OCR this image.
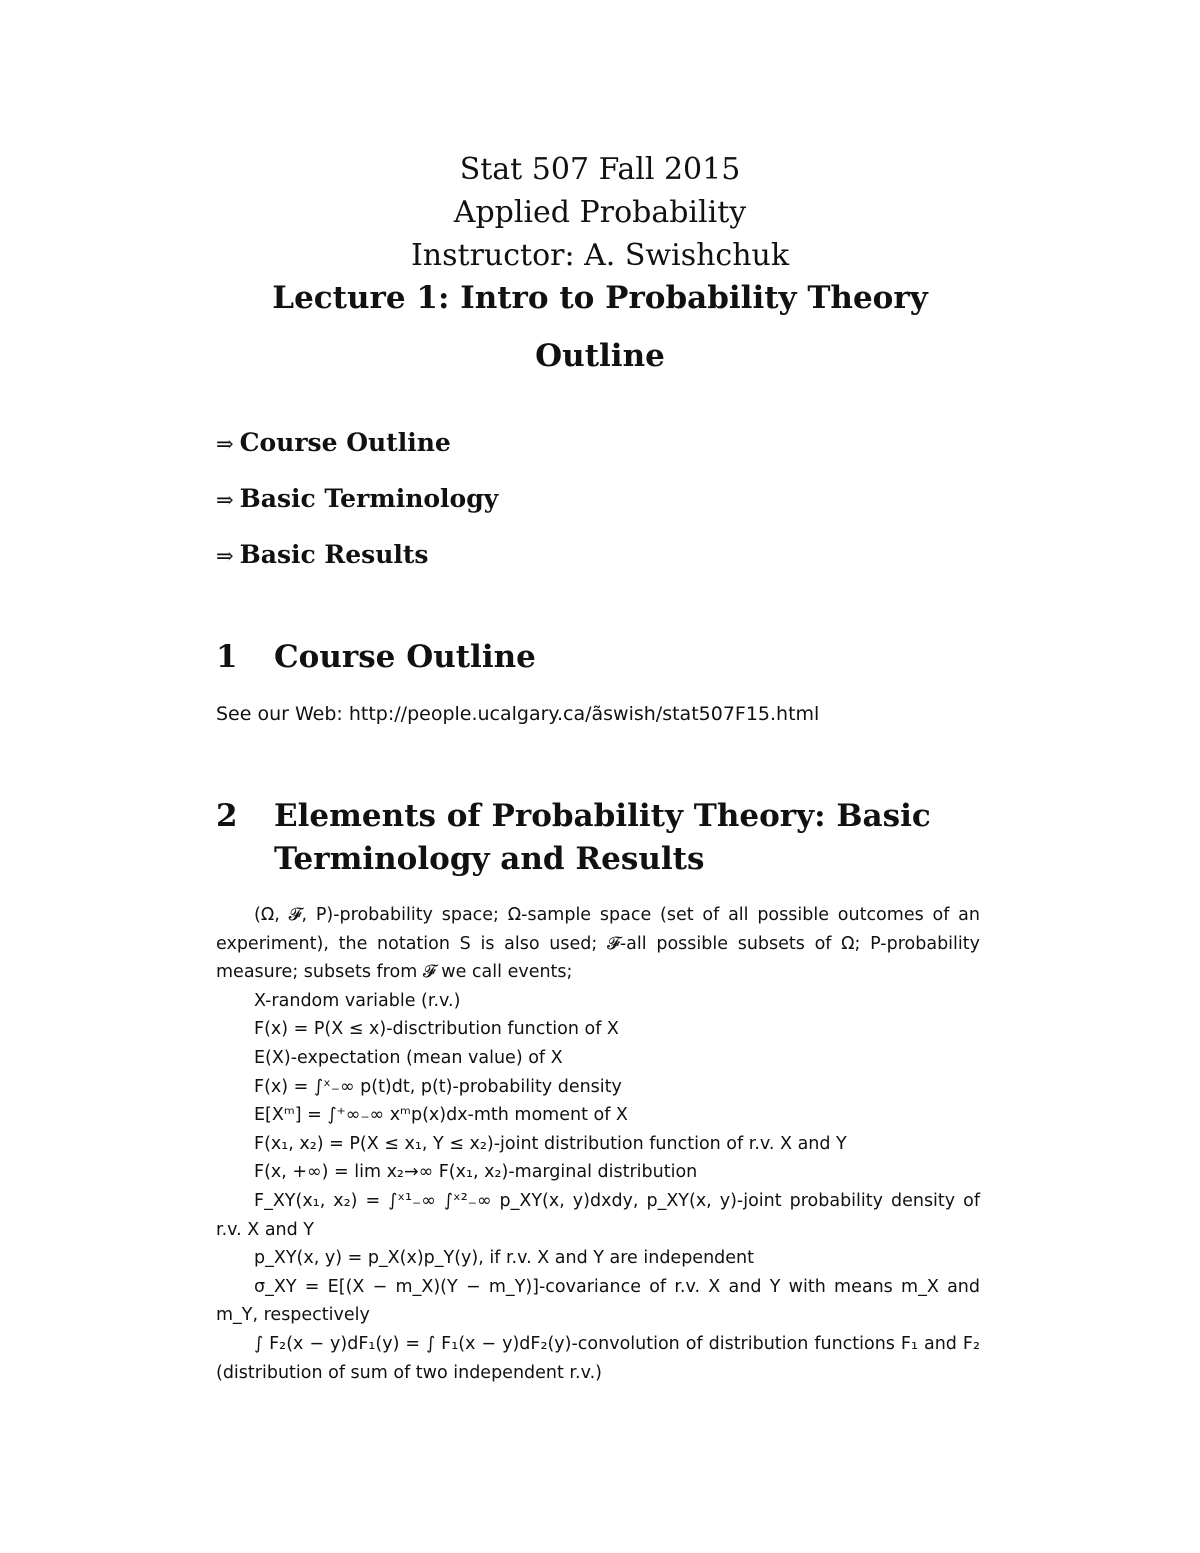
Stat 507 Fall 2015
Applied Probability
Instructor: A. Swishchuk
Lecture 1: Intro to Probability Theory
Outline
⇒ Course Outline
⇒ Basic Terminology
⇒ Basic Results
1 Course Outline
See our Web: http://people.ucalgary.ca/ãswish/stat507F15.html
2 Elements of Probability Theory: Basic Terminology and Results

(Ω, 𝓕, P)-probability space; Ω-sample space (set of all possible outcomes of an experiment), the notation S is also used; 𝓕-all possible subsets of Ω; P-probability measure; subsets from 𝓕 we call events;

X-random variable (r.v.)

F(x) = P(X ≤ x)-disctribution function of X

E(X)-expectation (mean value) of X

F(x) = ∫ˣ₋∞ p(t)dt, p(t)-probability density

E[Xᵐ] = ∫⁺∞₋∞ xᵐp(x)dx-mth moment of X

F(x₁, x₂) = P(X ≤ x₁, Y ≤ x₂)-joint distribution function of r.v. X and Y

F(x, +∞) = lim x₂→∞ F(x₁, x₂)-marginal distribution

F_XY(x₁, x₂) = ∫ˣ¹₋∞ ∫ˣ²₋∞ p_XY(x, y)dxdy, p_XY(x, y)-joint probability density of r.v. X and Y

p_XY(x, y) = p_X(x)p_Y(y), if r.v. X and Y are independent

σ_XY = E[(X − m_X)(Y − m_Y)]-covariance of r.v. X and Y with means m_X and m_Y, respectively

∫ F₂(x − y)dF₁(y) = ∫ F₁(x − y)dF₂(y)-convolution of distribution functions F₁ and F₂ (distribution of sum of two independent r.v.)
